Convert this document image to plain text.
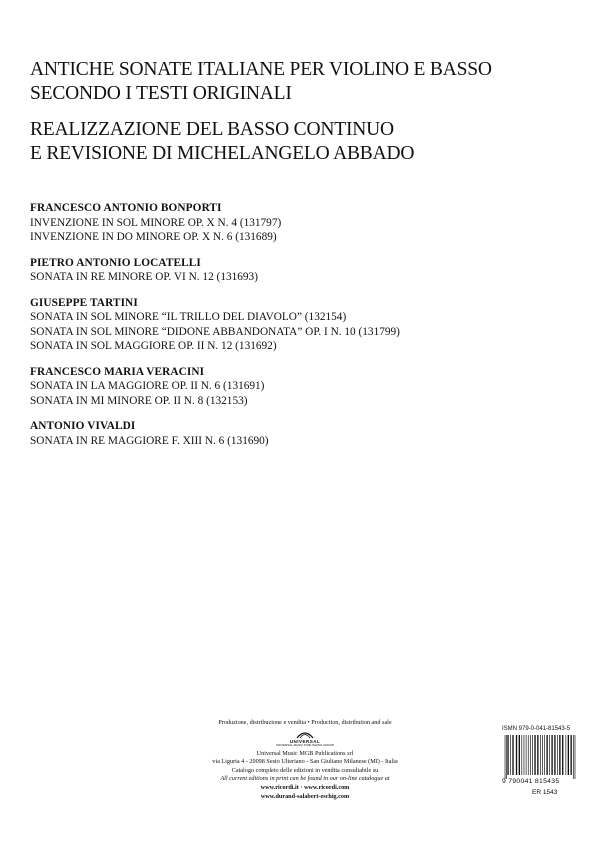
ANTICHE SONATE ITALIANE PER VIOLINO E BASSO
SECONDO I TESTI ORIGINALI
REALIZZAZIONE DEL BASSO CONTINUO
E REVISIONE DI MICHELANGELO ABBADO
FRANCESCO ANTONIO BONPORTI
INVENZIONE IN SOL MINORE OP. X N. 4 (131797)
INVENZIONE IN DO MINORE OP. X N. 6 (131689)
PIETRO ANTONIO LOCATELLI
SONATA IN RE MINORE OP. VI N. 12 (131693)
GIUSEPPE TARTINI
SONATA IN SOL MINORE “IL TRILLO DEL DIAVOLO” (132154)
SONATA IN SOL MINORE “DIDONE ABBANDONATA” OP. I N. 10 (131799)
SONATA IN SOL MAGGIORE OP. II N. 12 (131692)
FRANCESCO MARIA VERACINI
SONATA IN LA MAGGIORE OP. II N. 6 (131691)
SONATA IN MI MINORE OP. II N. 8 (132153)
ANTONIO VIVALDI
SONATA IN RE MAGGIORE F. XIII N. 6 (131690)
Produzione, distribuzione e vendita • Production, distribution and sale
UNIVERSAL
UNIVERSAL MUSIC PUBLISHING GROUP
Universal Music MGB Publications srl
via Liguria 4 - 20098 Sesto Ulteriano - San Giuliano Milanese (MI) - Italia
Catalogo completo delle edizioni in vendita consultabile su
All current editions in print can be found in our on-line catalogue at
www.ricordi.it · www.ricordi.com
www.durand-salabert-eschig.com
ISMN 979-0-041-81543-5
9 790041 815435
ER 1543
